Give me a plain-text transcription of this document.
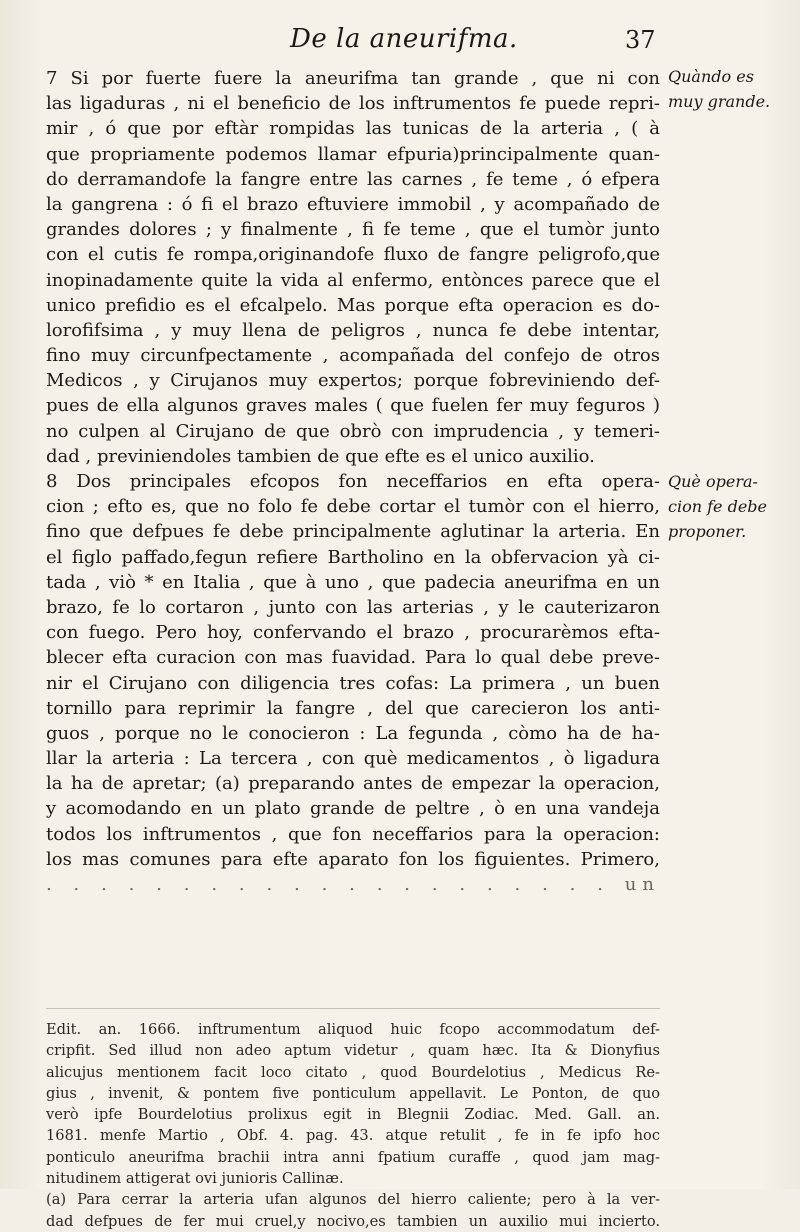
De la aneurifma.	37
7 Si por fuerte fuere la aneurifma tan grande , que ni con
las ligaduras , ni el beneficio de los inftrumentos fe puede repri-
mir , ó que por eftàr rompidas las tunicas de la arteria , ( à
que propriamente podemos llamar efpuria)principalmente quan-
do derramandofe la fangre entre las carnes , fe teme , ó efpera
la gangrena : ó fi el brazo eftuviere immobil , y acompañado de
grandes dolores ; y finalmente , fi fe teme , que el tumòr junto
con el cutis fe rompa,originandofe fluxo de fangre peligrofo,que
inopinadamente quite la vida al enfermo, entònces parece que el
unico prefidio es el efcalpelo. Mas porque efta operacion es do-
lorofifsima , y muy llena de peligros , nunca fe debe intentar,
fino muy circunfpectamente , acompañada del confejo de otros
Medicos , y Cirujanos muy expertos; porque fobreviniendo def-
pues de ella algunos graves males ( que fuelen fer muy feguros )
no culpen al Cirujano de que obrò con imprudencia , y temeri-
dad , previniendoles tambien de que efte es el unico auxilio.
8 Dos principales efcopos fon neceffarios en efta opera-
cion ; efto es, que no folo fe debe cortar el tumòr con el hierro,
fino que defpues fe debe principalmente aglutinar la arteria. En
el figlo paffado,fegun refiere Bartholino en la obfervacion yà ci-
tada , viò * en Italia , que à uno , que padecia aneurifma en un
brazo, fe lo cortaron , junto con las arterias , y le cauterizaron
con fuego. Pero hoy, confervando el brazo , procurarèmos efta-
blecer efta curacion con mas fuavidad. Para lo qual debe preve-
nir el Cirujano con diligencia tres cofas: La primera , un buen
tornillo para reprimir la fangre , del que carecieron los anti-
guos , porque no le conocieron : La fegunda , còmo ha de ha-
llar la arteria : La tercera , con què medicamentos , ò ligadura
la ha de apretar; (a) preparando antes de empezar la operacion,
y acomodando en un plato grande de peltre , ò en una vandeja
todos los inftrumentos , que fon neceffarios para la operacion:
los mas comunes para efte aparato fon los figuientes. Primero,
. . . . . . . . . . . . . . . . . . . . . un
Quàndo es
muy grande.
Què opera-
cion fe debe
proponer.
Edit. an. 1666. inftrumentum aliquod huic fcopo accommodatum def-
cripfit. Sed illud non adeo aptum videtur , quam hæc. Ita & Dionyfius
alicujus mentionem facit loco citato , quod Bourdelotius , Medicus Re-
gius , invenit, & pontem five ponticulum appellavit. Le Ponton, de quo
verò ipfe Bourdelotius prolixus egit in Blegnii Zodiac. Med. Gall. an.
1681. menfe Martio , Obf. 4. pag. 43. atque retulit , fe in fe ipfo hoc
ponticulo aneurifma brachii intra anni fpatium curaffe , quod jam mag-
nitudinem attigerat ovi junioris Callinæ.
(a) Para cerrar la arteria ufan algunos del hierro caliente; pero à la ver-
dad defpues de fer mui cruel,y nocivo,es tambien un auxilio mui incierto.
